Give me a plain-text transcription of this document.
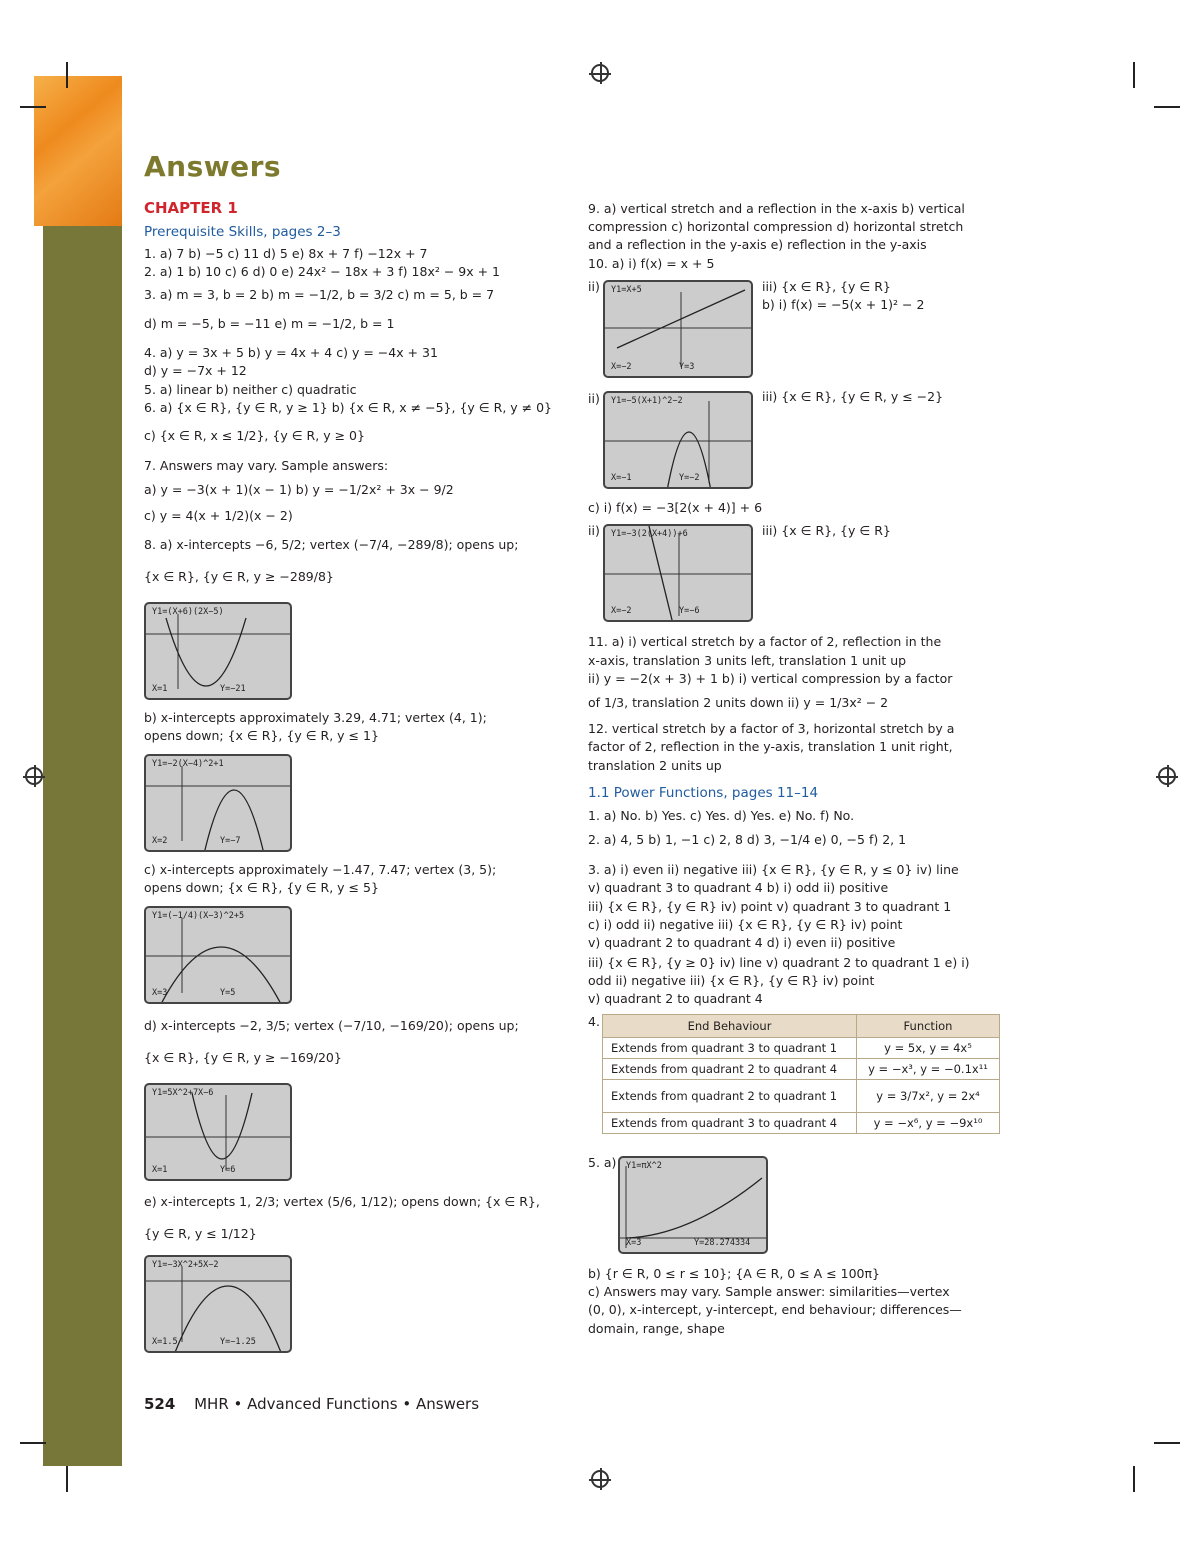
Answers
CHAPTER 1
Prerequisite Skills, pages 2–3
1. a) 7 b) −5 c) 11 d) 5 e) 8x + 7 f) −12x + 7
2. a) 1 b) 10 c) 6 d) 0 e) 24x² − 18x + 3 f) 18x² − 9x + 1
3. a) m = 3, b = 2 b) m = −1/2, b = 3/2 c) m = 5, b = 7
d) m = −5, b = −11 e) m = −1/2, b = 1
4. a) y = 3x + 5 b) y = 4x + 4 c) y = −4x + 31
d) y = −7x + 12
5. a) linear b) neither c) quadratic
6. a) {x ∈ R}, {y ∈ R, y ≥ 1} b) {x ∈ R, x ≠ −5}, {y ∈ R, y ≠ 0}
c) {x ∈ R, x ≤ 1/2}, {y ∈ R, y ≥ 0}
7. Answers may vary. Sample answers:
a) y = −3(x + 1)(x − 1) b) y = −1/2x² + 3x − 9/2
c) y = 4(x + 1/2)(x − 2)
8. a) x-intercepts −6, 5/2; vertex (−7/4, −289/8); opens up;
{x ∈ R}, {y ∈ R, y ≥ −289/8}
Y1=(X+6)(2X−5)
X=1	Y=−21
b) x-intercepts approximately 3.29, 4.71; vertex (4, 1);
opens down; {x ∈ R}, {y ∈ R, y ≤ 1}
Y1=−2(X−4)^2+1
X=2	Y=−7
c) x-intercepts approximately −1.47, 7.47; vertex (3, 5);
opens down; {x ∈ R}, {y ∈ R, y ≤ 5}
Y1=(−1/4)(X−3)^2+5
X=3	Y=5
d) x-intercepts −2, 3/5; vertex (−7/10, −169/20); opens up;
{x ∈ R}, {y ∈ R, y ≥ −169/20}
Y1=5X^2+7X−6
X=1	Y=6
e) x-intercepts 1, 2/3; vertex (5/6, 1/12); opens down; {x ∈ R},
{y ∈ R, y ≤ 1/12}
Y1=−3X^2+5X−2
X=1.5	Y=−1.25
9. a) vertical stretch and a reflection in the x-axis b) vertical
compression c) horizontal compression d) horizontal stretch
and a reflection in the y-axis e) reflection in the y-axis
10. a) i) f(x) = x + 5
ii) Y1=X+5
X=−2	Y=3
iii) {x ∈ R}, {y ∈ R}
b) i) f(x) = −5(x + 1)² − 2
ii) Y1=−5(X+1)^2−2
X=−1	Y=−2
iii) {x ∈ R}, {y ∈ R, y ≤ −2}
c) i) f(x) = −3[2(x + 4)] + 6
ii) Y1=−3(2(X+4))+6
X=−2	Y=−6
iii) {x ∈ R}, {y ∈ R}
11. a) i) vertical stretch by a factor of 2, reflection in the
x-axis, translation 3 units left, translation 1 unit up
ii) y = −2(x + 3) + 1 b) i) vertical compression by a factor
of 1/3, translation 2 units down ii) y = 1/3x² − 2
12. vertical stretch by a factor of 3, horizontal stretch by a
factor of 2, reflection in the y-axis, translation 1 unit right,
translation 2 units up
1.1 Power Functions, pages 11–14
1. a) No. b) Yes. c) Yes. d) Yes. e) No. f) No.
2. a) 4, 5 b) 1, −1 c) 2, 8 d) 3, −1/4 e) 0, −5 f) 2, 1
3. a) i) even ii) negative iii) {x ∈ R}, {y ∈ R, y ≤ 0} iv) line
v) quadrant 3 to quadrant 4 b) i) odd ii) positive
iii) {x ∈ R}, {y ∈ R} iv) point v) quadrant 3 to quadrant 1
c) i) odd ii) negative iii) {x ∈ R}, {y ∈ R} iv) point
v) quadrant 2 to quadrant 4 d) i) even ii) positive
iii) {x ∈ R}, {y ≥ 0} iv) line v) quadrant 2 to quadrant 1 e) i)
odd ii) negative iii) {x ∈ R}, {y ∈ R} iv) point
v) quadrant 2 to quadrant 4
4.	End Behaviour	Function
Extends from quadrant 3 to quadrant 1	y = 5x, y = 4x⁵
Extends from quadrant 2 to quadrant 4	y = −x³, y = −0.1x¹¹
Extends from quadrant 2 to quadrant 1	y = 3/7x², y = 2x⁴
Extends from quadrant 3 to quadrant 4	y = −x⁶, y = −9x¹⁰
5. a) Y1=πX^2
X=3	Y=28.274334
b) {r ∈ R, 0 ≤ r ≤ 10}; {A ∈ R, 0 ≤ A ≤ 100π}
c) Answers may vary. Sample answer: similarities—vertex
(0, 0), x-intercept, y-intercept, end behaviour; differences—
domain, range, shape
524 MHR • Advanced Functions • Answers
